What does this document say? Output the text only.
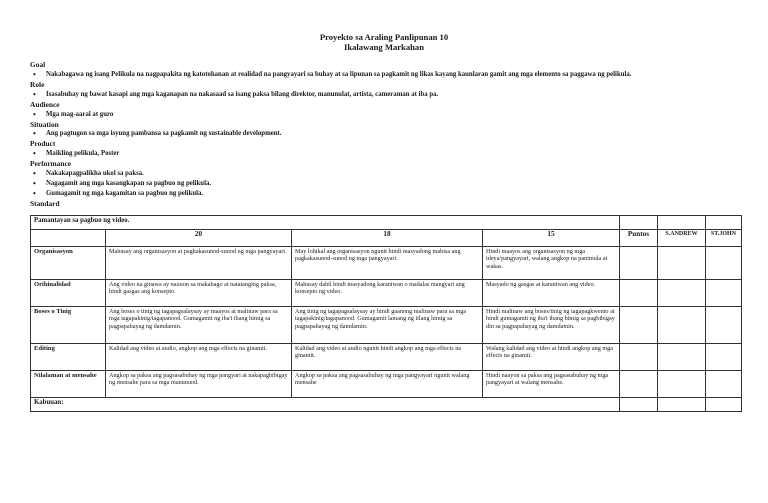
Proyekto sa Araling Panlipunan 10
Ikalawang Markahan
Goal
• Nakabagawa ng isang Pelikula na nagpapakita ng katotohanan at realidad na pangyayari sa buhay at sa lipunan sa pagkamit ng likas kayang kaunlaran gamit ang mga elemento sa paggawa ng pelikula.
Role
• Isasabuhay ng bawat kasapi ang mga kaganapan na nakasaad sa isang paksa bilang direktor, manunulat, artista, cameraman at iba pa.
Audience
• Mga mag-aaral at guro
Situation
• Ang pagtugon sa mga isyung pambansa sa pagkamit ng sustainable development.
Product
• Maikling pelikula, Poster
Performance
• Nakakapagpalikha ukol sa paksa.
• Nagagamit ang mga kasangkapan sa pagbuo ng pelikula.
• Gumagamit ng mga kagamitan sa pagbuo ng pelikula.
Standard
Pamantayan sa pagbuo ng video.						
	20	18	15	Puntos	S.ANDREW	ST.JOHN
Organisasyon	Mahusay ang organisasyon at pagkakasunod-sunod ng mga pangyayari.	May lohikal ang organisasyon ngunit hindi masyadong mabisa ang pagkakasunod-sunod ng mga pangyayari.	Hindi maayos ang organisasyon ng mga ideya/pangyayari, walang angkop na panimula at wakas.			
Orihinalidad	Ang video na ginawa ay nauuon sa makabago at natatanging paksa, hindi gasgas ang konsepto.	Mahusay dahil hindi masyadong karaniwan o madalas mangyari ang konsepto ng video.	Masyado ng gasgas at karaniwan ang video.			
Boses o Tinig	Ang boses o tinig ng tagapagsalaysay ay maayos at malinaw para sa mga tagapakinig/tagapanood. Gumagamit ng iba't ibang himig sa pagpapahayag ng damdamin.	Ang tinig ng tagapagsalaysay ay hindi gaanong malinaw para sa mga tagapakinig/tagapanood. Gumagamit lamang ng iilang himig sa pagpapahayag ng damdamin.	Hindi malinaw ang boses/tinig ng tagapagkwento at hindi gumagamit ng iba't ibang himig sa pagbibigay din sa pagpapahayag ng damdamin.			
Editing	Kalidad ang video at audio, angkop ang mga effects na ginamit.	Kalidad ang video at audio ngunit hindi angkop ang mga effects na ginamit.	Walang kalidad ang video at hindi angkop ang mga effects na ginamit.			
Nilalaman at mensahe	Angkop sa paksa ang pagsasabuhay ng mga pangyari at nakapagbibigay ng mensahe para sa mga manunuod.	Angkop sa paksa ang pagsasabuhay ng mga pangyayari ngunit walang mensahe	Hindi naayon sa paksa ang pagsasabuhay ng mga pangyayari at walang mensahe.			
Kabuuan:						
